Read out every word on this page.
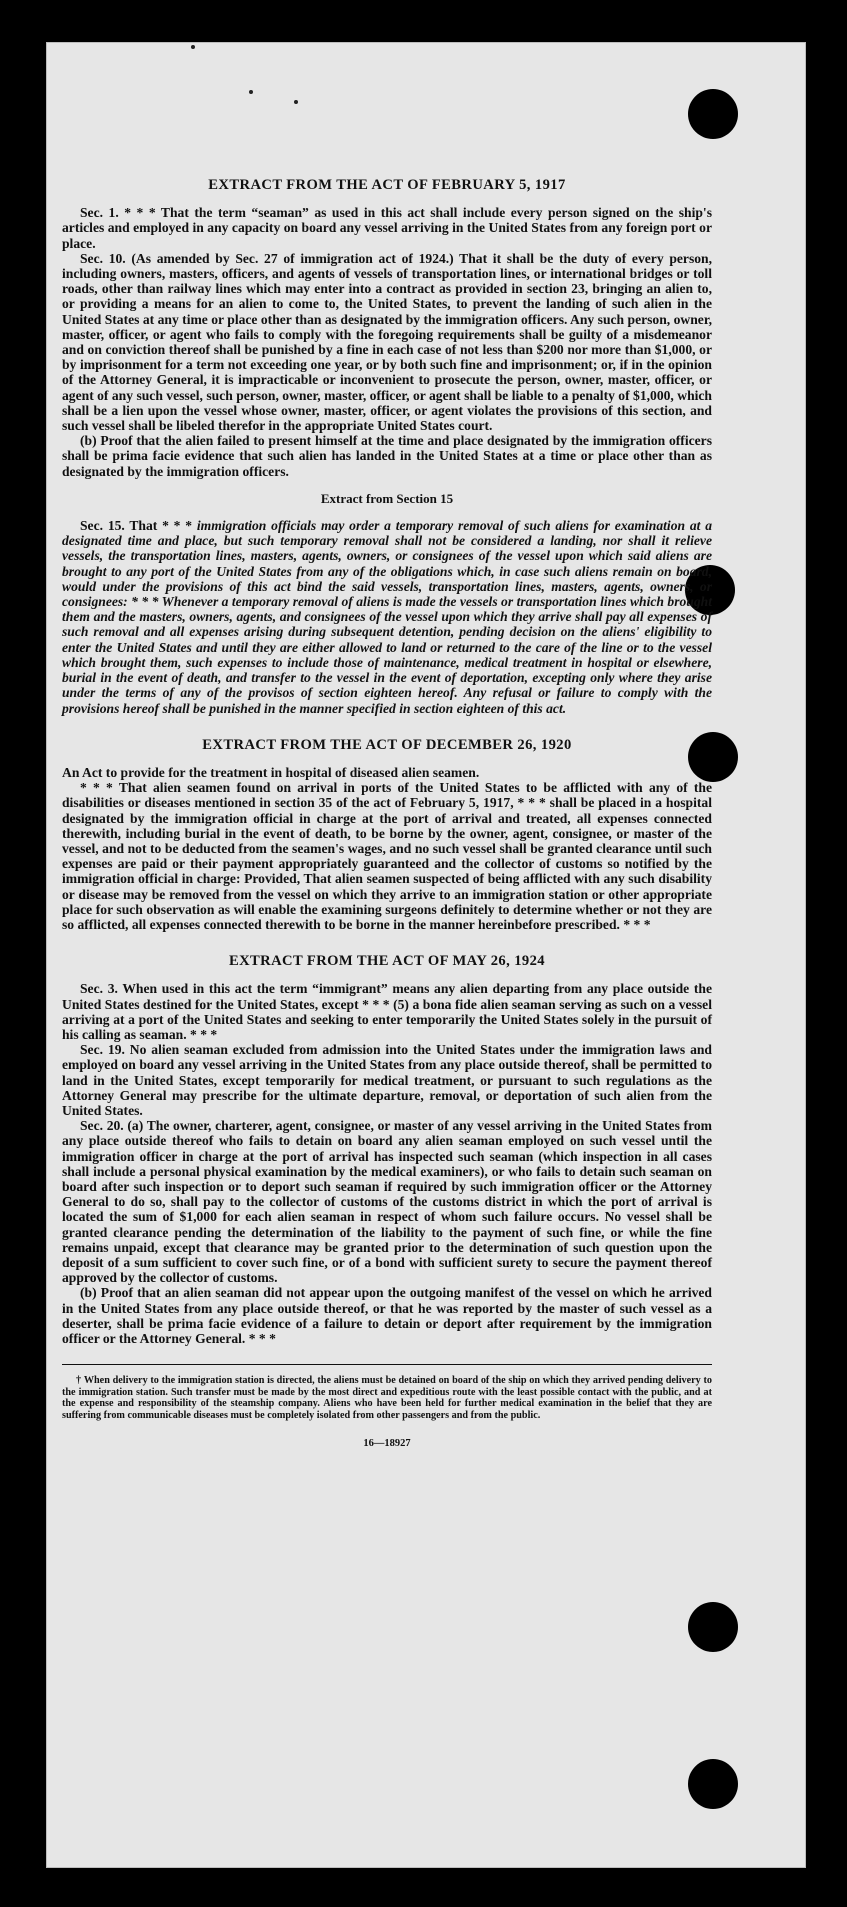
EXTRACT FROM THE ACT OF FEBRUARY 5, 1917

Sec. 1. * * * That the term “seaman” as used in this act shall include every person signed on the ship's articles and employed in any capacity on board any vessel arriving in the United States from any foreign port or place.

Sec. 10. (As amended by Sec. 27 of immigration act of 1924.) That it shall be the duty of every person, including owners, masters, officers, and agents of vessels of transportation lines, or international bridges or toll roads, other than railway lines which may enter into a contract as provided in section 23, bringing an alien to, or providing a means for an alien to come to, the United States, to prevent the landing of such alien in the United States at any time or place other than as designated by the immigration officers. Any such person, owner, master, officer, or agent who fails to comply with the foregoing requirements shall be guilty of a misdemeanor and on conviction thereof shall be punished by a fine in each case of not less than $200 nor more than $1,000, or by imprisonment for a term not exceeding one year, or by both such fine and imprisonment; or, if in the opinion of the Attorney General, it is impracticable or inconvenient to prosecute the person, owner, master, officer, or agent of any such vessel, such person, owner, master, officer, or agent shall be liable to a penalty of $1,000, which shall be a lien upon the vessel whose owner, master, officer, or agent violates the provisions of this section, and such vessel shall be libeled therefor in the appropriate United States court.

(b) Proof that the alien failed to present himself at the time and place designated by the immigration officers shall be prima facie evidence that such alien has landed in the United States at a time or place other than as designated by the immigration officers.

Extract from Section 15

Sec. 15. That * * * immigration officials may order a temporary removal of such aliens for examination at a designated time and place, but such temporary removal shall not be considered a landing, nor shall it relieve vessels, the transportation lines, masters, agents, owners, or consignees of the vessel upon which said aliens are brought to any port of the United States from any of the obligations which, in case such aliens remain on board, would under the provisions of this act bind the said vessels, transportation lines, masters, agents, owners, or consignees: * * * Whenever a temporary removal of aliens is made the vessels or transportation lines which brought them and the masters, owners, agents, and consignees of the vessel upon which they arrive shall pay all expenses of such removal and all expenses arising during subsequent detention, pending decision on the aliens' eligibility to enter the United States and until they are either allowed to land or returned to the care of the line or to the vessel which brought them, such expenses to include those of maintenance, medical treatment in hospital or elsewhere, burial in the event of death, and transfer to the vessel in the event of deportation, excepting only where they arise under the terms of any of the provisos of section eighteen hereof. Any refusal or failure to comply with the provisions hereof shall be punished in the manner specified in section eighteen of this act.

EXTRACT FROM THE ACT OF DECEMBER 26, 1920

An Act to provide for the treatment in hospital of diseased alien seamen.

* * * That alien seamen found on arrival in ports of the United States to be afflicted with any of the disabilities or diseases mentioned in section 35 of the act of February 5, 1917, * * * shall be placed in a hospital designated by the immigration official in charge at the port of arrival and treated, all expenses connected therewith, including burial in the event of death, to be borne by the owner, agent, consignee, or master of the vessel, and not to be deducted from the seamen's wages, and no such vessel shall be granted clearance until such expenses are paid or their payment appropriately guaranteed and the collector of customs so notified by the immigration official in charge: Provided, That alien seamen suspected of being afflicted with any such disability or disease may be removed from the vessel on which they arrive to an immigration station or other appropriate place for such observation as will enable the examining surgeons definitely to determine whether or not they are so afflicted, all expenses connected therewith to be borne in the manner hereinbefore prescribed. * * *

EXTRACT FROM THE ACT OF MAY 26, 1924

Sec. 3. When used in this act the term “immigrant” means any alien departing from any place outside the United States destined for the United States, except * * * (5) a bona fide alien seaman serving as such on a vessel arriving at a port of the United States and seeking to enter temporarily the United States solely in the pursuit of his calling as seaman. * * *

Sec. 19. No alien seaman excluded from admission into the United States under the immigration laws and employed on board any vessel arriving in the United States from any place outside thereof, shall be permitted to land in the United States, except temporarily for medical treatment, or pursuant to such regulations as the Attorney General may prescribe for the ultimate departure, removal, or deportation of such alien from the United States.

Sec. 20. (a) The owner, charterer, agent, consignee, or master of any vessel arriving in the United States from any place outside thereof who fails to detain on board any alien seaman employed on such vessel until the immigration officer in charge at the port of arrival has inspected such seaman (which inspection in all cases shall include a personal physical examination by the medical examiners), or who fails to detain such seaman on board after such inspection or to deport such seaman if required by such immigration officer or the Attorney General to do so, shall pay to the collector of customs of the customs district in which the port of arrival is located the sum of $1,000 for each alien seaman in respect of whom such failure occurs. No vessel shall be granted clearance pending the determination of the liability to the payment of such fine, or while the fine remains unpaid, except that clearance may be granted prior to the determination of such question upon the deposit of a sum sufficient to cover such fine, or of a bond with sufficient surety to secure the payment thereof approved by the collector of customs.

(b) Proof that an alien seaman did not appear upon the outgoing manifest of the vessel on which he arrived in the United States from any place outside thereof, or that he was reported by the master of such vessel as a deserter, shall be prima facie evidence of a failure to detain or deport after requirement by the immigration officer or the Attorney General. * * *

† When delivery to the immigration station is directed, the aliens must be detained on board of the ship on which they arrived pending delivery to the immigration station. Such transfer must be made by the most direct and expeditious route with the least possible contact with the public, and at the expense and responsibility of the steamship company. Aliens who have been held for further medical examination in the belief that they are suffering from communicable diseases must be completely isolated from other passengers and from the public.

16—18927
